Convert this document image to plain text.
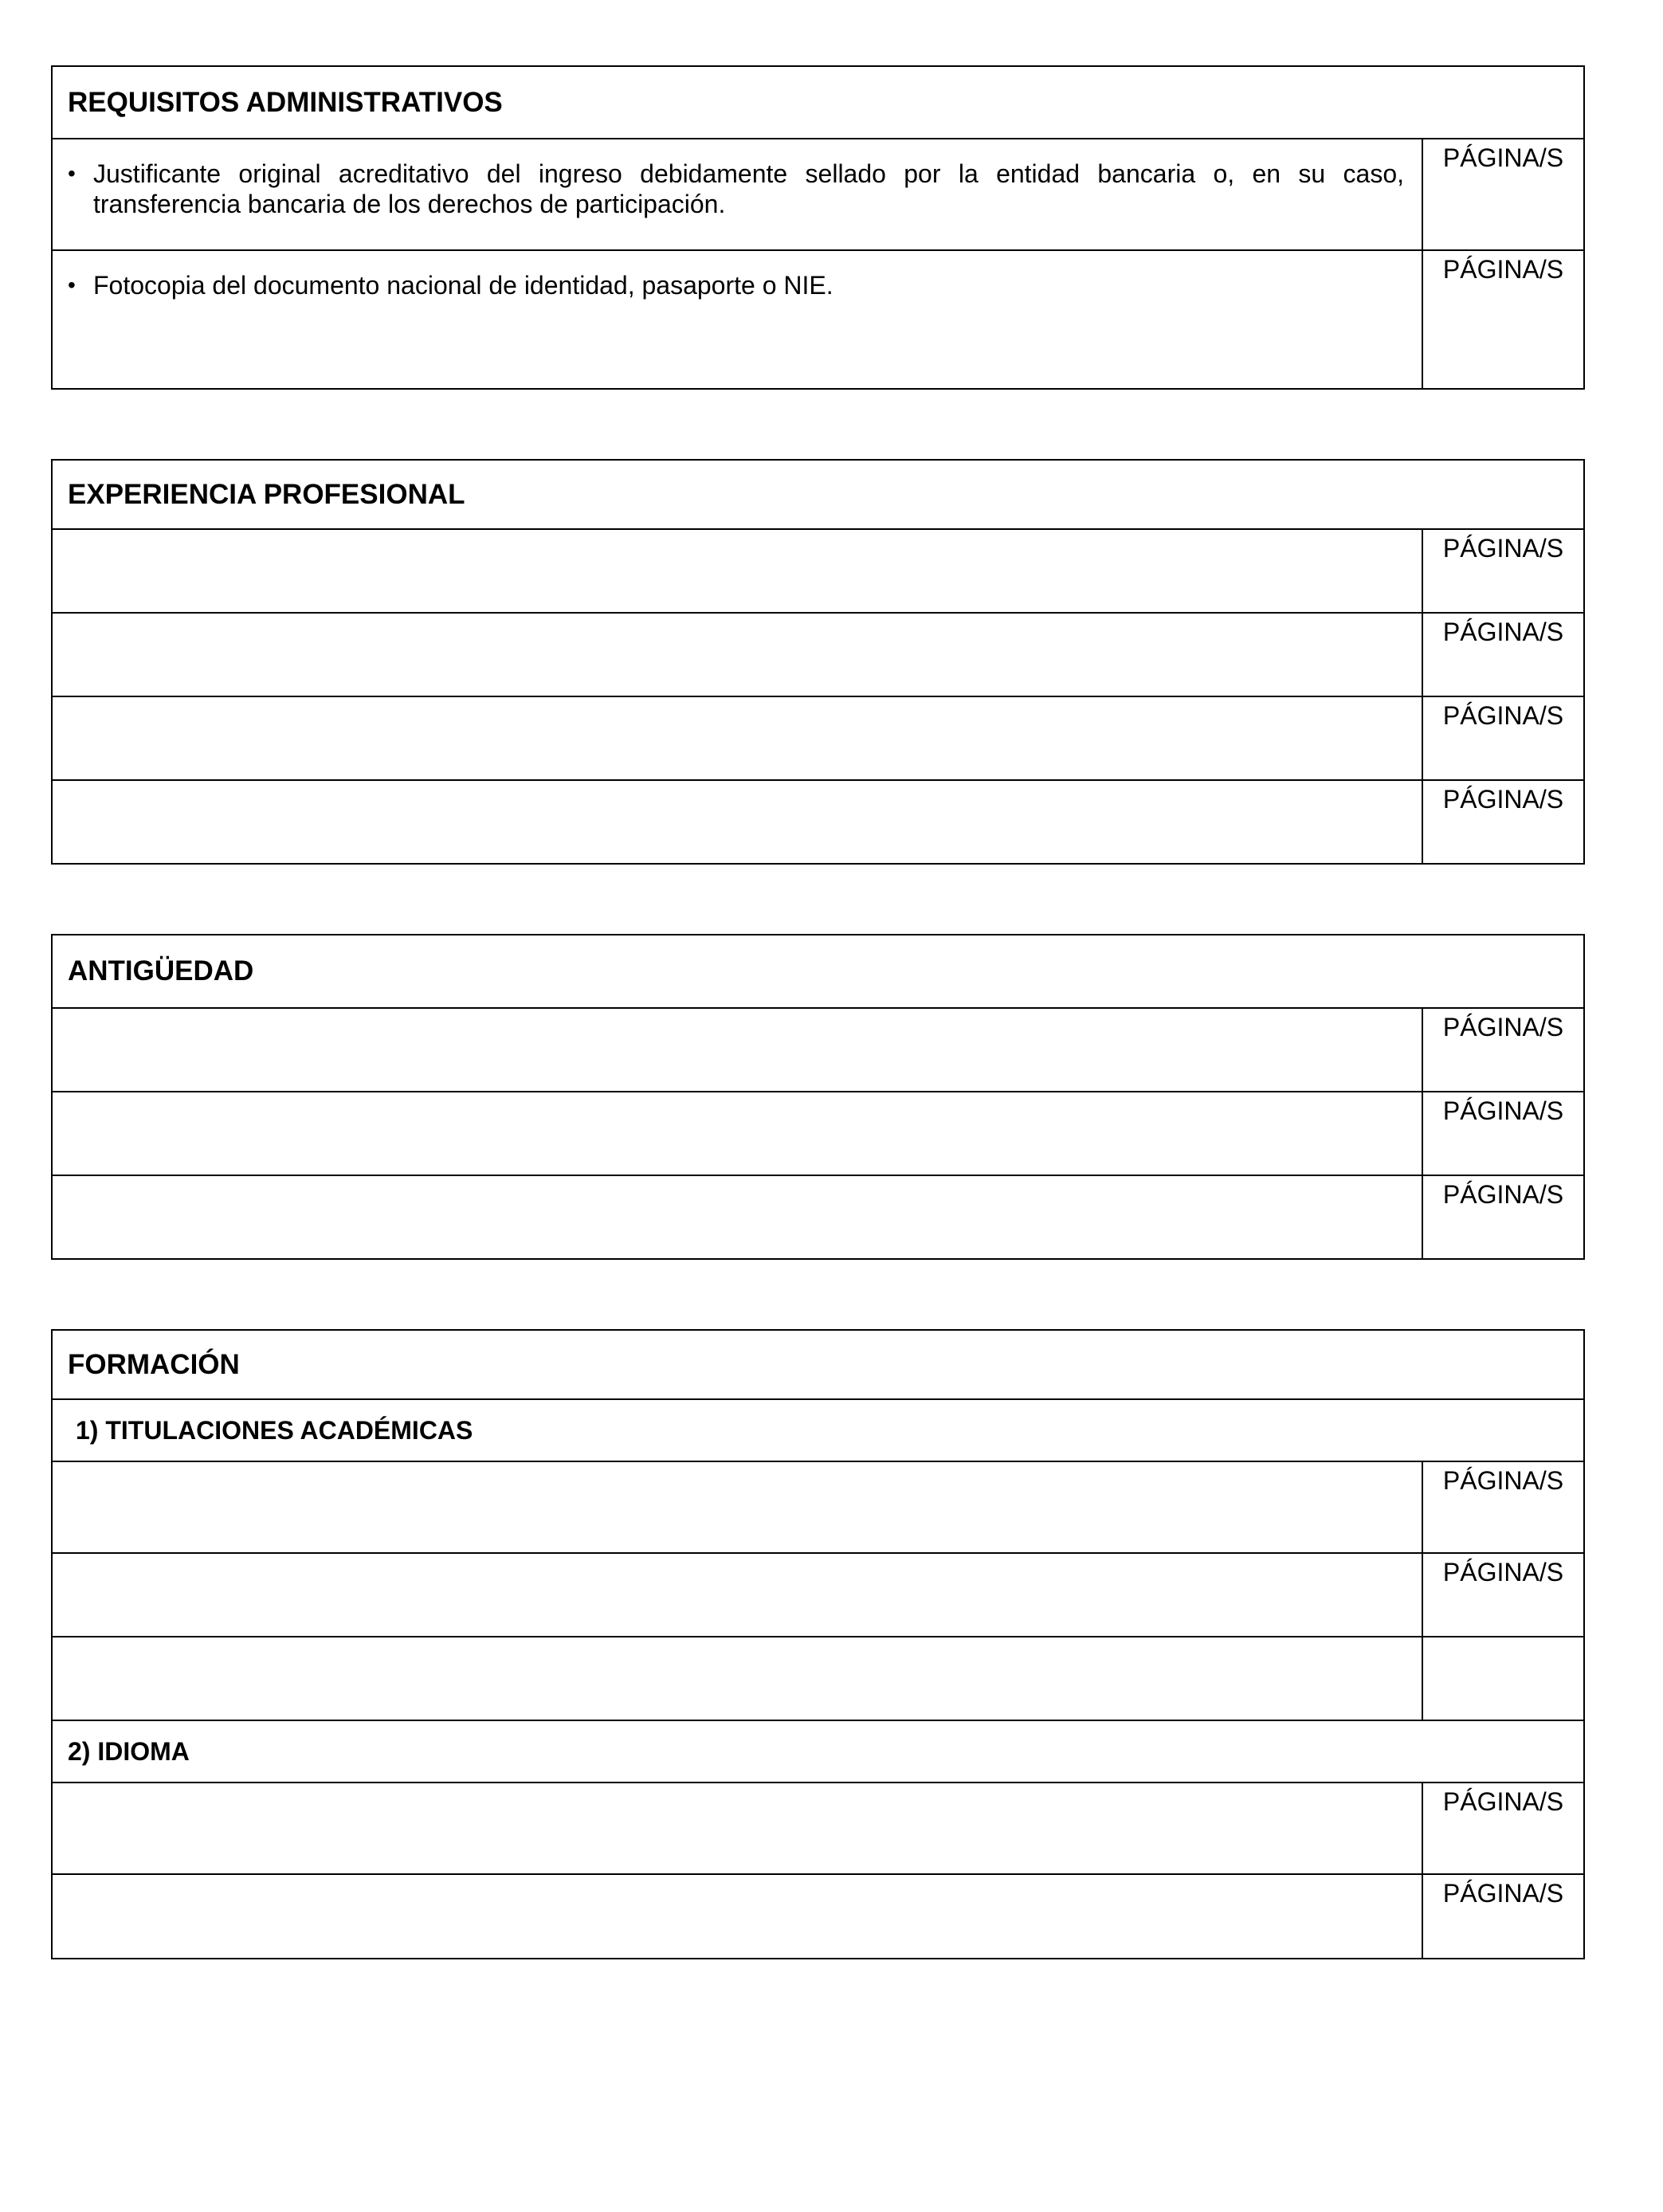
REQUISITOS ADMINISTRATIVOS	

• Justificante original acreditativo del ingreso debidamente sellado por la entidad bancaria o, en su caso, transferencia bancaria de los derechos de participación.	PÁGINA/S

• Fotocopia del documento nacional de identidad, pasaporte o NIE.	PÁGINA/S
EXPERIENCIA PROFESIONAL	
	PÁGINA/S
	PÁGINA/S
	PÁGINA/S
	PÁGINA/S
ANTIGÜEDAD	
	PÁGINA/S
	PÁGINA/S
	PÁGINA/S
FORMACIÓN	
1) TITULACIONES ACADÉMICAS	
	PÁGINA/S
	PÁGINA/S

2) IDIOMA	
	PÁGINA/S
	PÁGINA/S
